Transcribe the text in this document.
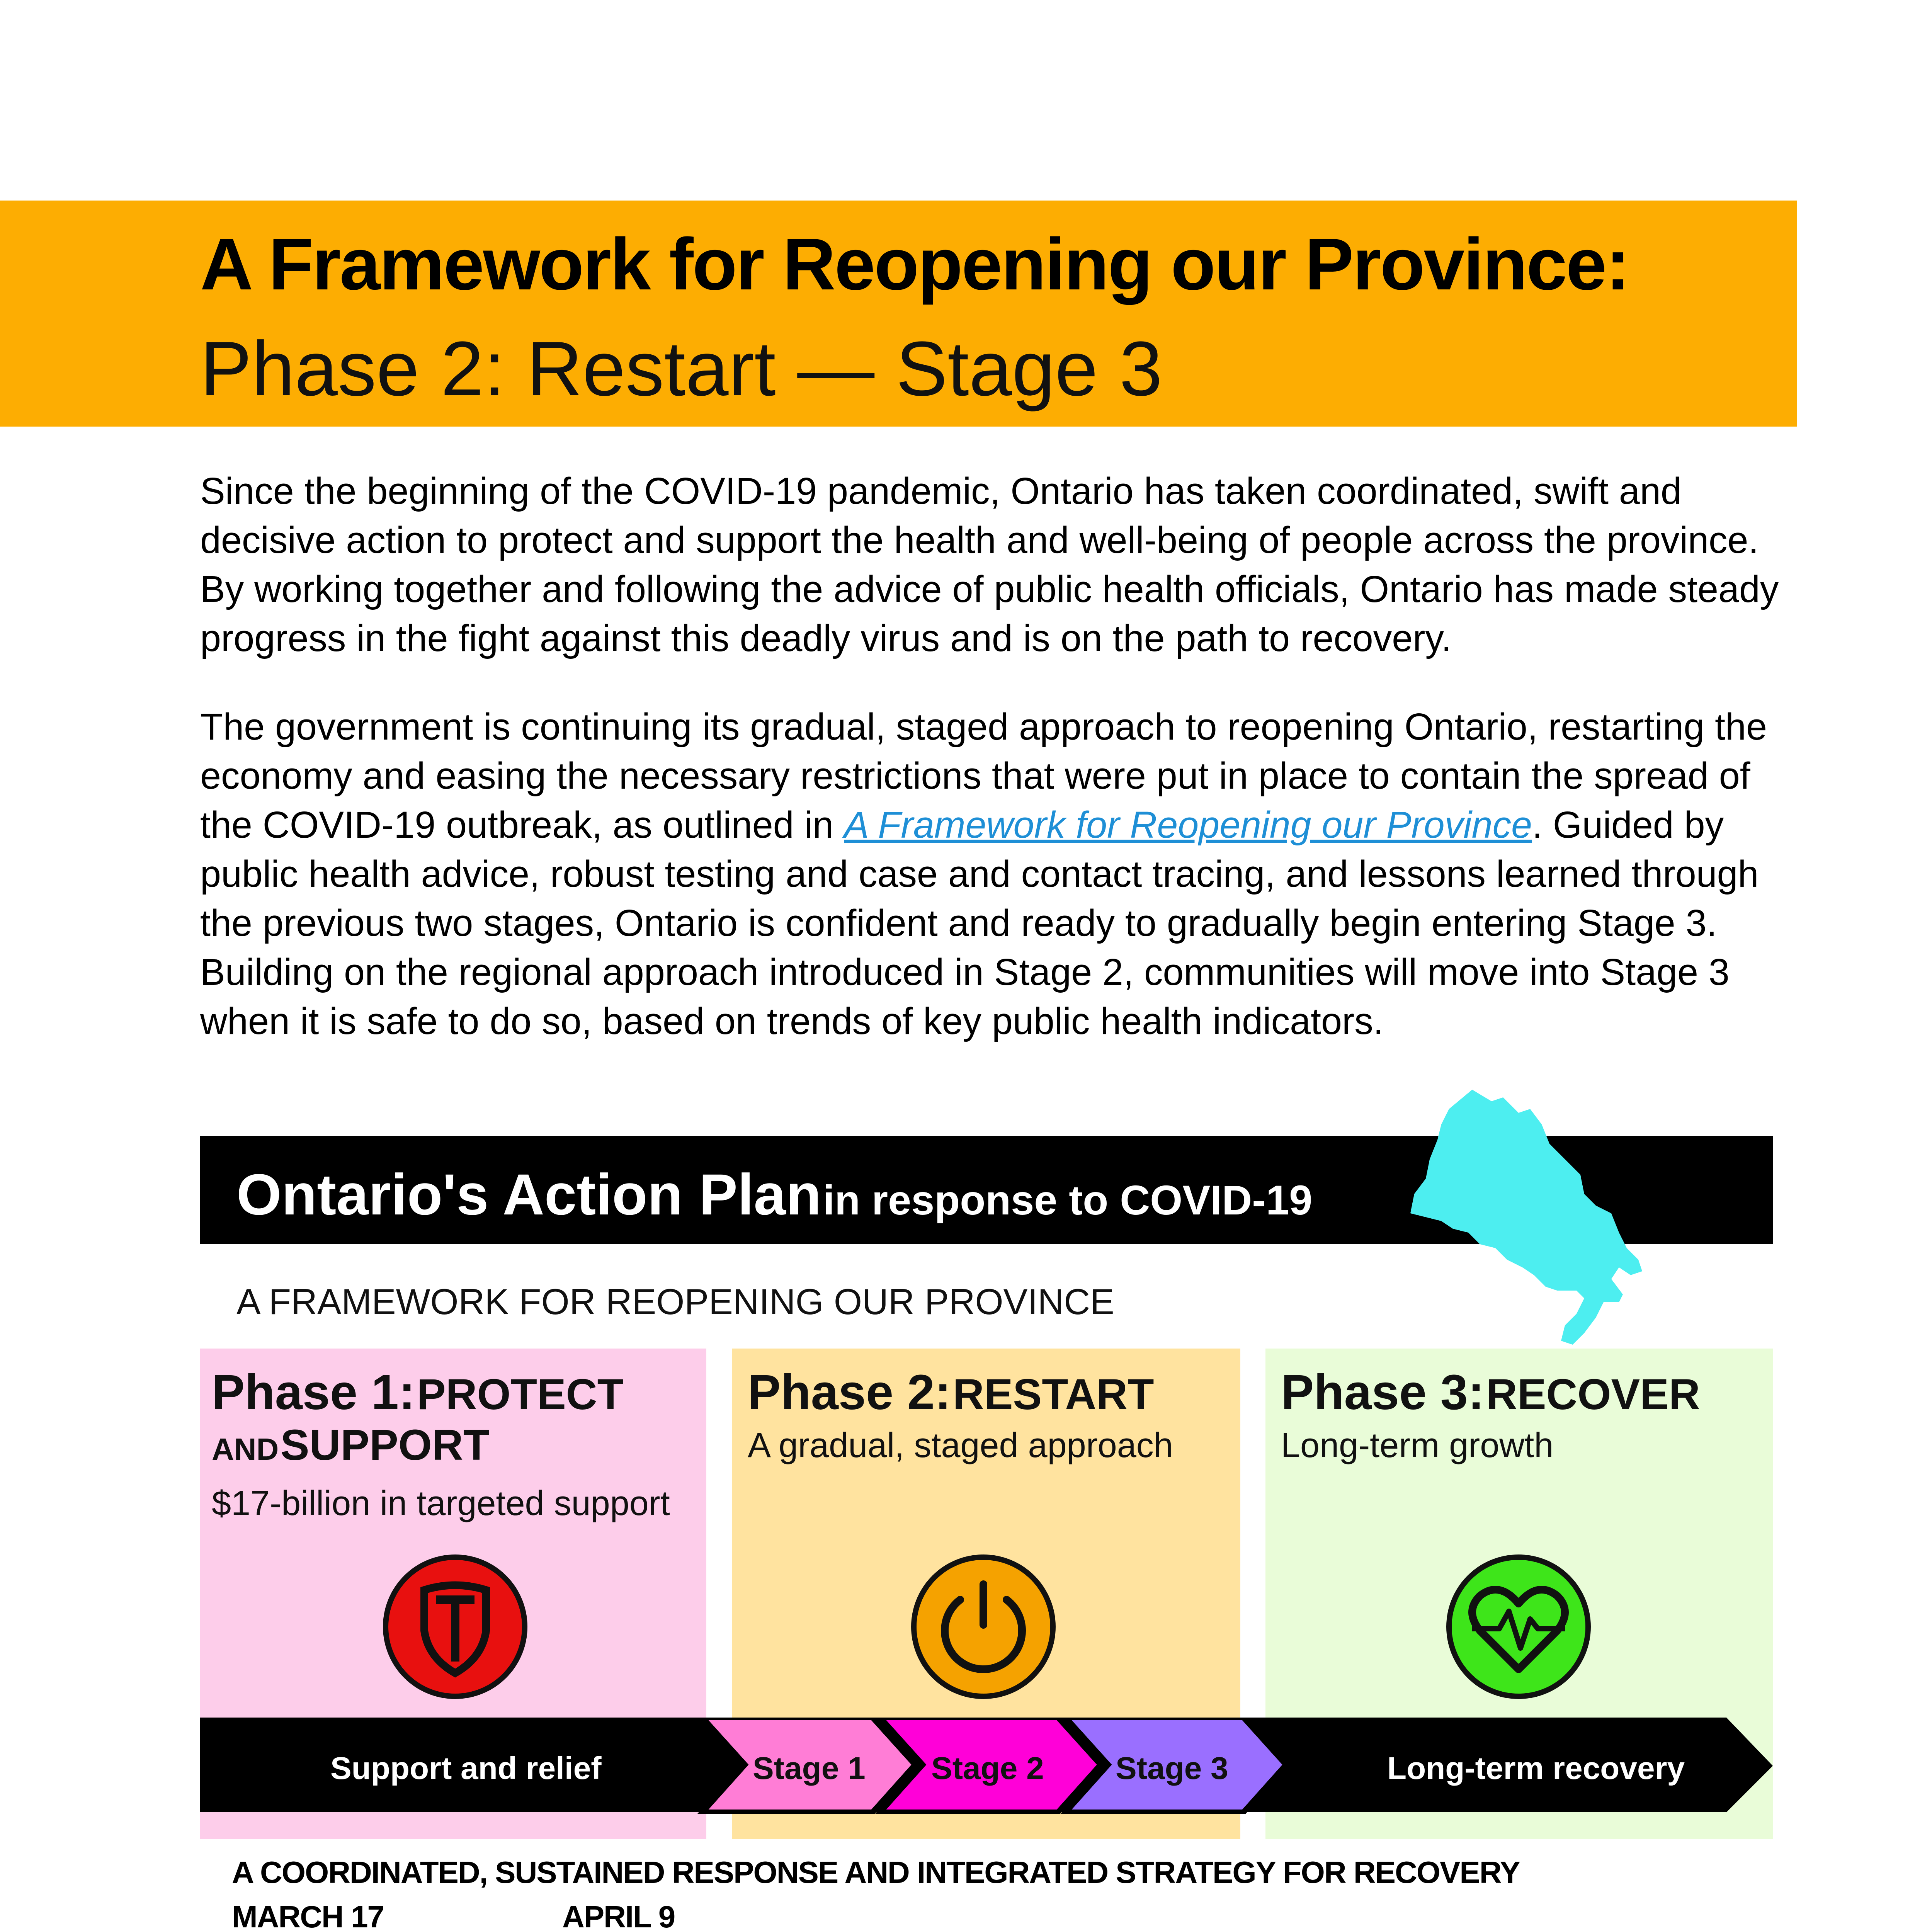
A Framework for Reopening our Province:
Phase 2: Restart — Stage 3
Since the beginning of the COVID-19 pandemic, Ontario has taken coordinated, swift and decisive action to protect and support the health and well-being of people across the province. By working together and following the advice of public health officials, Ontario has made steady progress in the fight against this deadly virus and is on the path to recovery.
The government is continuing its gradual, staged approach to reopening Ontario, restarting the economy and easing the necessary restrictions that were put in place to contain the spread of the COVID-19 outbreak, as outlined in A Framework for Reopening our Province. Guided by public health advice, robust testing and case and contact tracing, and lessons learned through the previous two stages, Ontario is confident and ready to gradually begin entering Stage 3. Building on the regional approach introduced in Stage 2, communities will move into Stage 3 when it is safe to do so, based on trends of key public health indicators.
Ontario's Action Plan in response to COVID-19
A FRAMEWORK FOR REOPENING OUR PROVINCE
Phase 1: PROTECT
AND SUPPORT
$17-billion in targeted support
Phase 2: RESTART
A gradual, staged approach
Phase 3: RECOVER
Long-term growth
Support and relief	Stage 1 Stage 2 Stage 3	Long-term recovery
A COORDINATED, SUSTAINED RESPONSE AND INTEGRATED STRATEGY FOR RECOVERY
MARCH 17	APRIL 9
